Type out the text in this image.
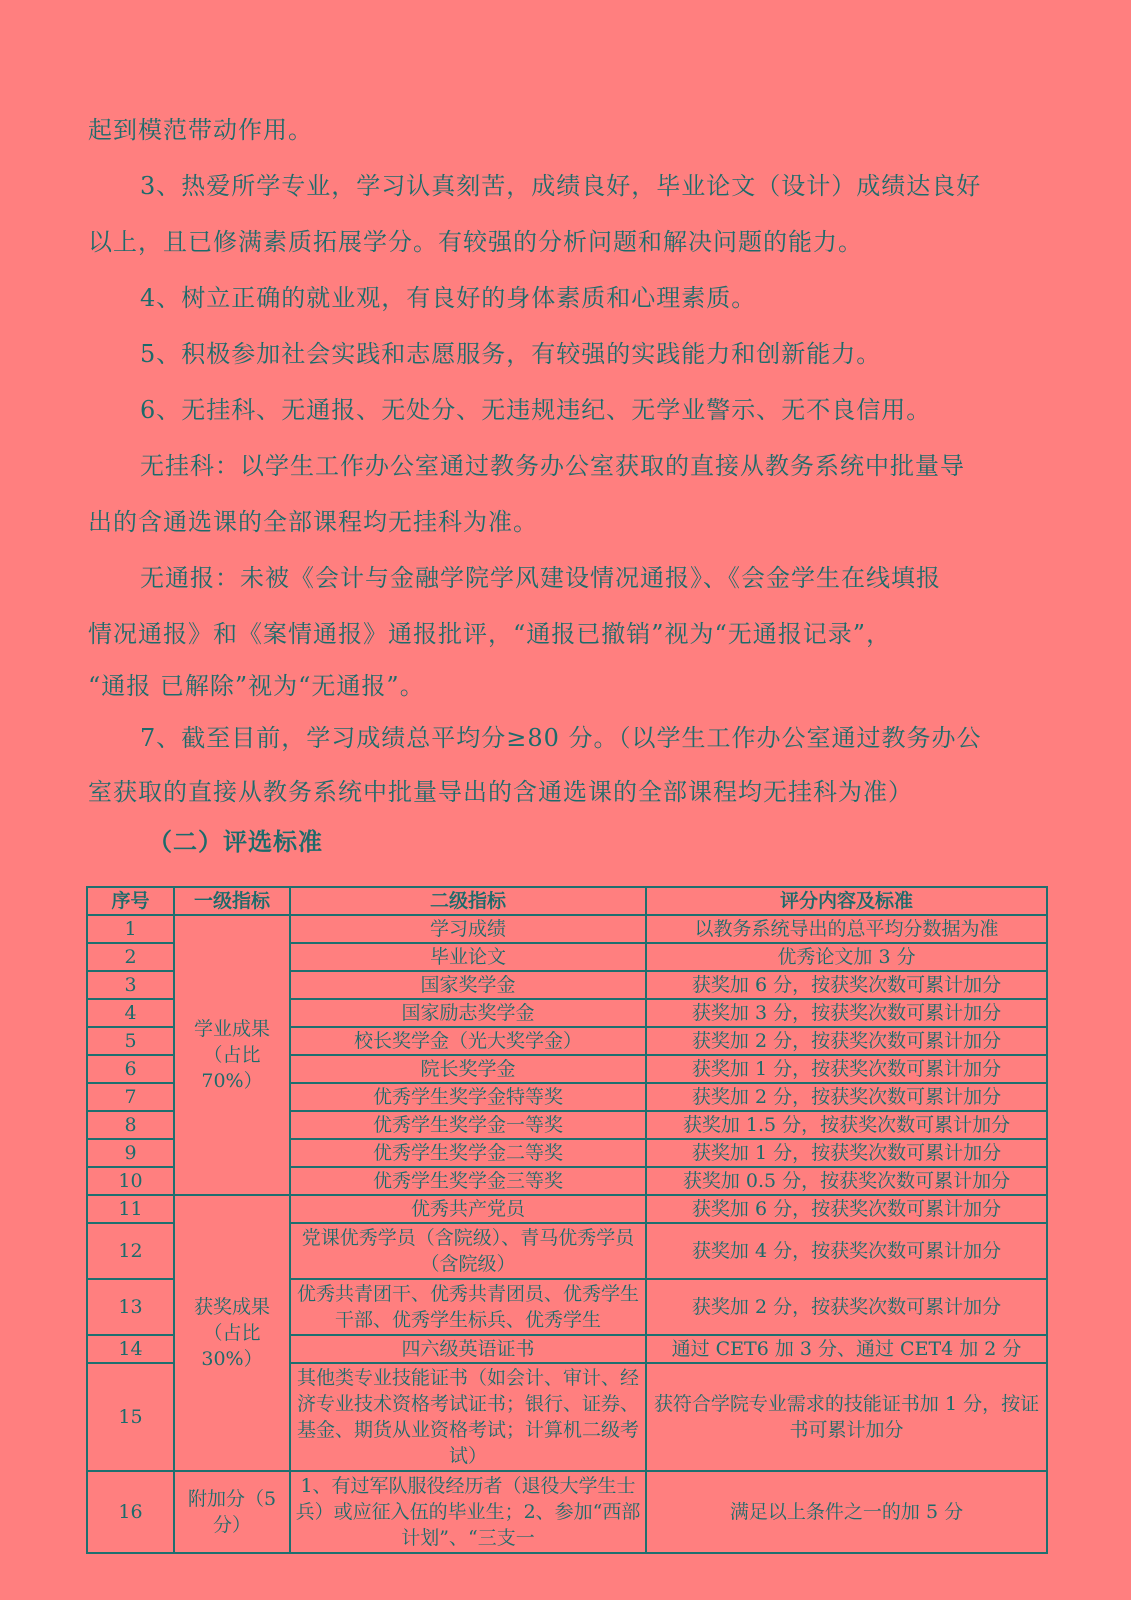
起到模范带动作用。

3、热爱所学专业，学习认真刻苦，成绩良好，毕业论文（设计）成绩达良好

以上，且已修满素质拓展学分。有较强的分析问题和解决问题的能力。

4、树立正确的就业观，有良好的身体素质和心理素质。

5、积极参加社会实践和志愿服务，有较强的实践能力和创新能力。

6、无挂科、无通报、无处分、无违规违纪、无学业警示、无不良信用。

无挂科：以学生工作办公室通过教务办公室获取的直接从教务系统中批量导

出的含通选课的全部课程均无挂科为准。

无通报：未被《会计与金融学院学风建设情况通报》、《会金学生在线填报

情况通报》和《案情通报》通报批评，“通报已撤销”视为“无通报记录”，

“通报 已解除”视为“无通报”。

7、截至目前，学习成绩总平均分≥80 分。（以学生工作办公室通过教务办公

室获取的直接从教务系统中批量导出的含通选课的全部课程均无挂科为准）

（二）评选标准
序号	一级指标	二级指标	评分内容及标准
1	学业成果（占比70%）	学习成绩	以教务系统导出的总平均分数据为准
2		毕业论文	优秀论文加 3 分
3		国家奖学金	获奖加 6 分，按获奖次数可累计加分
4		国家励志奖学金	获奖加 3 分，按获奖次数可累计加分
5		校长奖学金（光大奖学金）	获奖加 2 分，按获奖次数可累计加分
6		院长奖学金	获奖加 1 分，按获奖次数可累计加分
7		优秀学生奖学金特等奖	获奖加 2 分，按获奖次数可累计加分
8		优秀学生奖学金一等奖	获奖加 1.5 分，按获奖次数可累计加分
9		优秀学生奖学金二等奖	获奖加 1 分，按获奖次数可累计加分
10		优秀学生奖学金三等奖	获奖加 0.5 分，按获奖次数可累计加分
11	获奖成果（占比30%）	优秀共产党员	获奖加 6 分，按获奖次数可累计加分
12		党课优秀学员（含院级）、青马优秀学员（含院级）	获奖加 4 分，按获奖次数可累计加分
13		优秀共青团干、优秀共青团员、优秀学生干部、优秀学生标兵、优秀学生	获奖加 2 分，按获奖次数可累计加分
14		四六级英语证书	通过 CET6 加 3 分、通过 CET4 加 2 分
15		其他类专业技能证书（如会计、审计、经济专业技术资格考试证书；银行、证券、基金、期货从业资格考试；计算机二级考试）	获符合学院专业需求的技能证书加 1 分，按证书可累计加分
16	附加分（5分）	1、有过军队服役经历者（退役大学生士兵）或应征入伍的毕业生；2、参加“西部计划”、“三支一	满足以上条件之一的加 5 分
